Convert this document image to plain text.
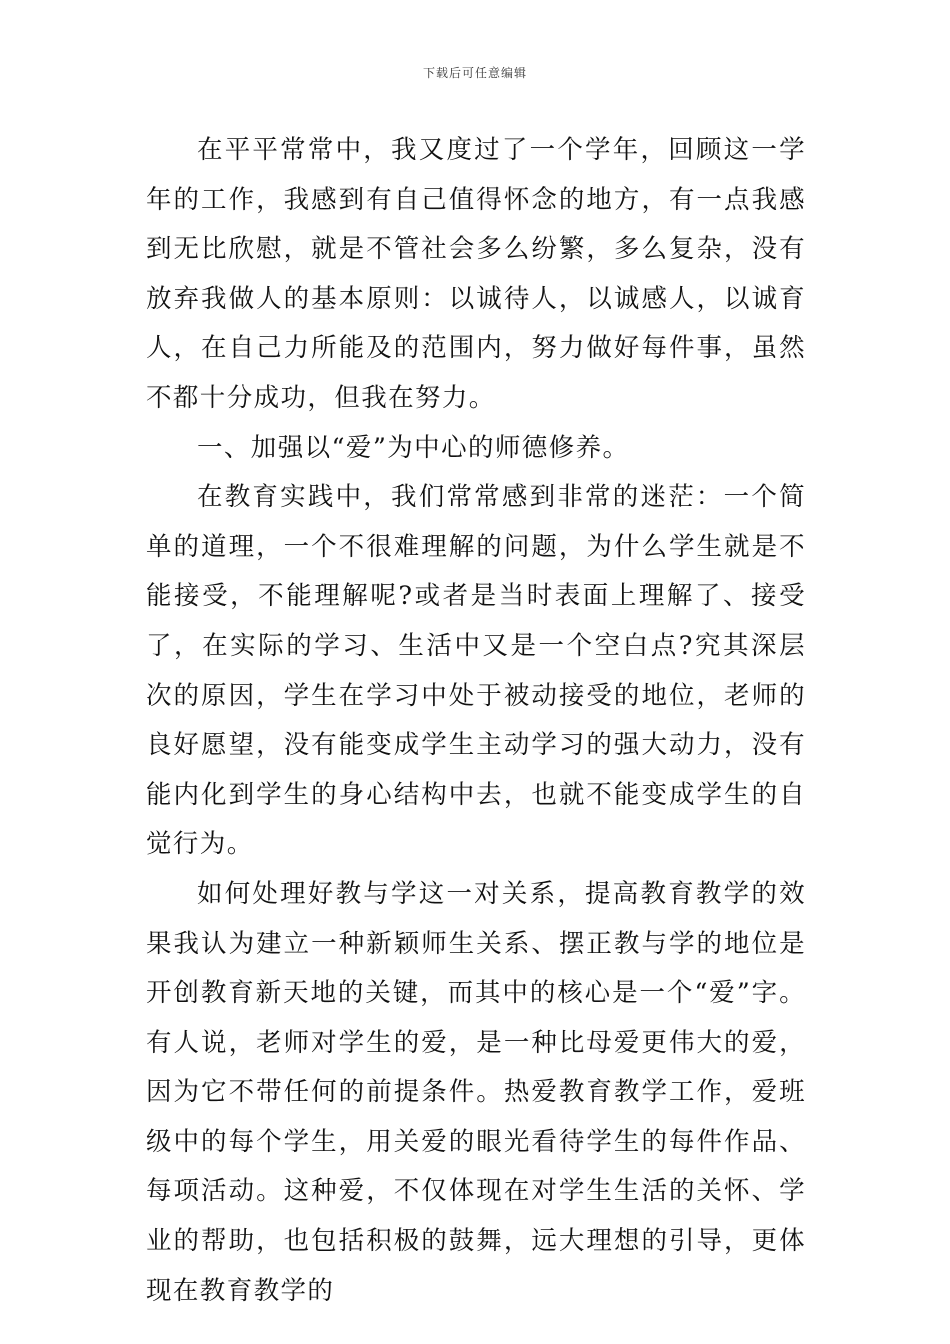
下载后可任意编辑

在平平常常中，我又度过了一个学年，回顾这一学年的工作，我感到有自己值得怀念的地方，有一点我感到无比欣慰，就是不管社会多么纷繁，多么复杂，没有放弃我做人的基本原则：以诚待人，以诚感人，以诚育人，在自己力所能及的范围内，努力做好每件事，虽然不都十分成功，但我在努力。

一、加强以“爱”为中心的师德修养。

在教育实践中，我们常常感到非常的迷茫：一个简单的道理，一个不很难理解的问题，为什么学生就是不能接受，不能理解呢?或者是当时表面上理解了、接受了，在实际的学习、生活中又是一个空白点?究其深层次的原因，学生在学习中处于被动接受的地位，老师的良好愿望，没有能变成学生主动学习的强大动力，没有能内化到学生的身心结构中去，也就不能变成学生的自觉行为。

如何处理好教与学这一对关系，提高教育教学的效果我认为建立一种新颖师生关系、摆正教与学的地位是开创教育新天地的关键，而其中的核心是一个“爱”字。有人说，老师对学生的爱，是一种比母爱更伟大的爱，因为它不带任何的前提条件。热爱教育教学工作，爱班级中的每个学生，用关爱的眼光看待学生的每件作品、每项活动。这种爱，不仅体现在对学生生活的关怀、学业的帮助，也包括积极的鼓舞，远大理想的引导，更体现在教育教学的
